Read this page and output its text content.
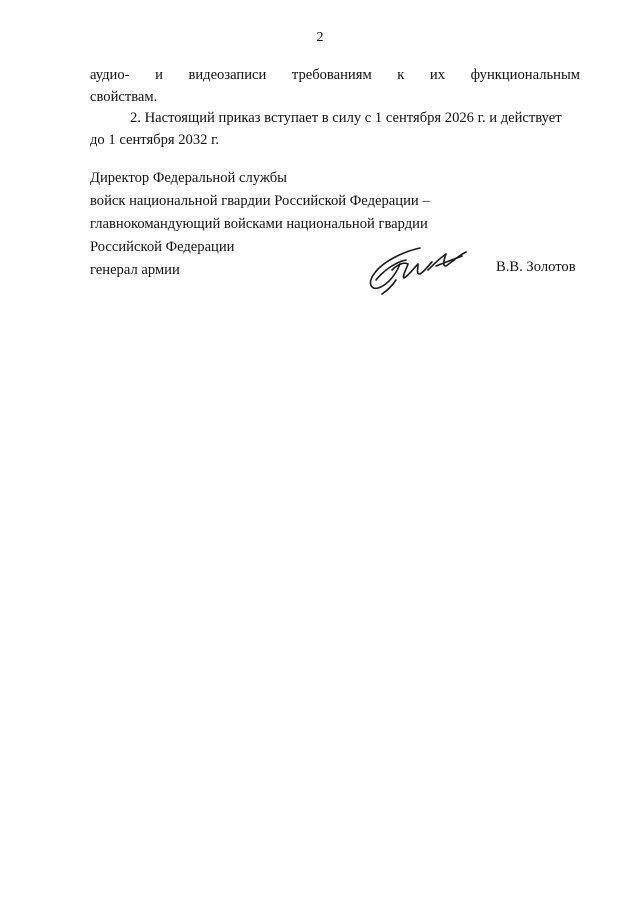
2
аудио- и видеозаписи требованиям к их функциональным
свойствам.
2. Настоящий приказ вступает в силу с 1 сентября 2026 г. и действует
до 1 сентября 2032 г.
Директор Федеральной службы
войск национальной гвардии Российской Федерации –
главнокомандующий войсками национальной гвардии
Российской Федерации
генерал армии	В.В. Золотов
